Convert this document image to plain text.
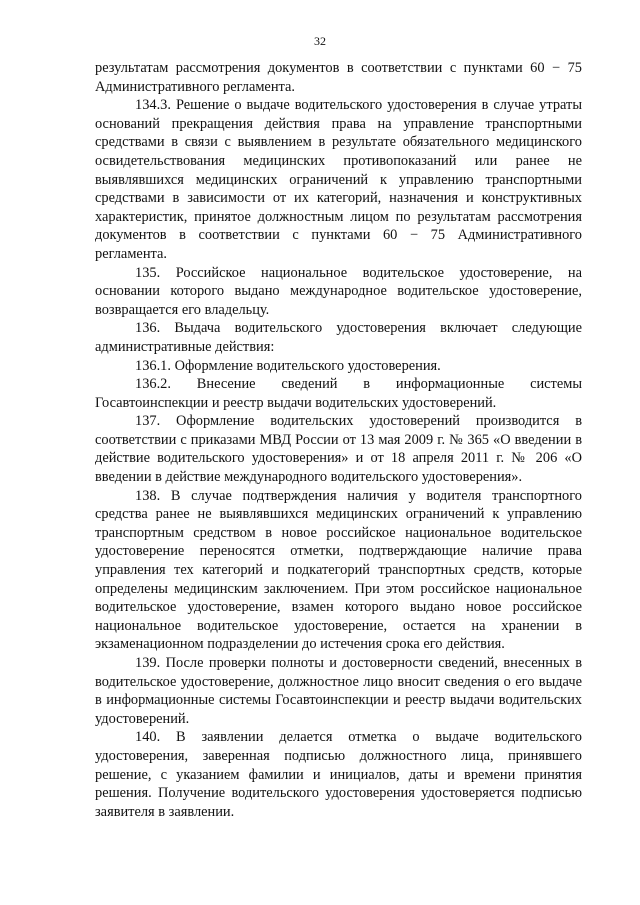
32

результатам рассмотрения документов в соответствии с пунктами 60 − 75 Административного регламента.

134.3. Решение о выдаче водительского удостоверения в случае утраты оснований прекращения действия права на управление транспортными средствами в связи с выявлением в результате обязательного медицинского освидетельствования медицинских противопоказаний или ранее не выявлявшихся медицинских ограничений к управлению транспортными средствами в зависимости от их категорий, назначения и конструктивных характеристик, принятое должностным лицом по результатам рассмотрения документов в соответствии с пунктами 60 − 75 Административного регламента.

135. Российское национальное водительское удостоверение, на основании которого выдано международное водительское удостоверение, возвращается его владельцу.

136. Выдача водительского удостоверения включает следующие административные действия:

136.1. Оформление водительского удостоверения.

136.2. Внесение сведений в информационные системы Госавтоинспекции и реестр выдачи водительских удостоверений.

137. Оформление водительских удостоверений производится в соответствии с приказами МВД России от 13 мая 2009 г. № 365 «О введении в действие водительского удостоверения» и от 18 апреля 2011 г. № 206 «О введении в действие международного водительского удостоверения».

138. В случае подтверждения наличия у водителя транспортного средства ранее не выявлявшихся медицинских ограничений к управлению транспортным средством в новое российское национальное водительское удостоверение переносятся отметки, подтверждающие наличие права управления тех категорий и подкатегорий транспортных средств, которые определены медицинским заключением. При этом российское национальное водительское удостоверение, взамен которого выдано новое российское национальное водительское удостоверение, остается на хранении в экзаменационном подразделении до истечения срока его действия.

139. После проверки полноты и достоверности сведений, внесенных в водительское удостоверение, должностное лицо вносит сведения о его выдаче в информационные системы Госавтоинспекции и реестр выдачи водительских удостоверений.

140. В заявлении делается отметка о выдаче водительского удостоверения, заверенная подписью должностного лица, принявшего решение, с указанием фамилии и инициалов, даты и времени принятия решения. Получение водительского удостоверения удостоверяется подписью заявителя в заявлении.
